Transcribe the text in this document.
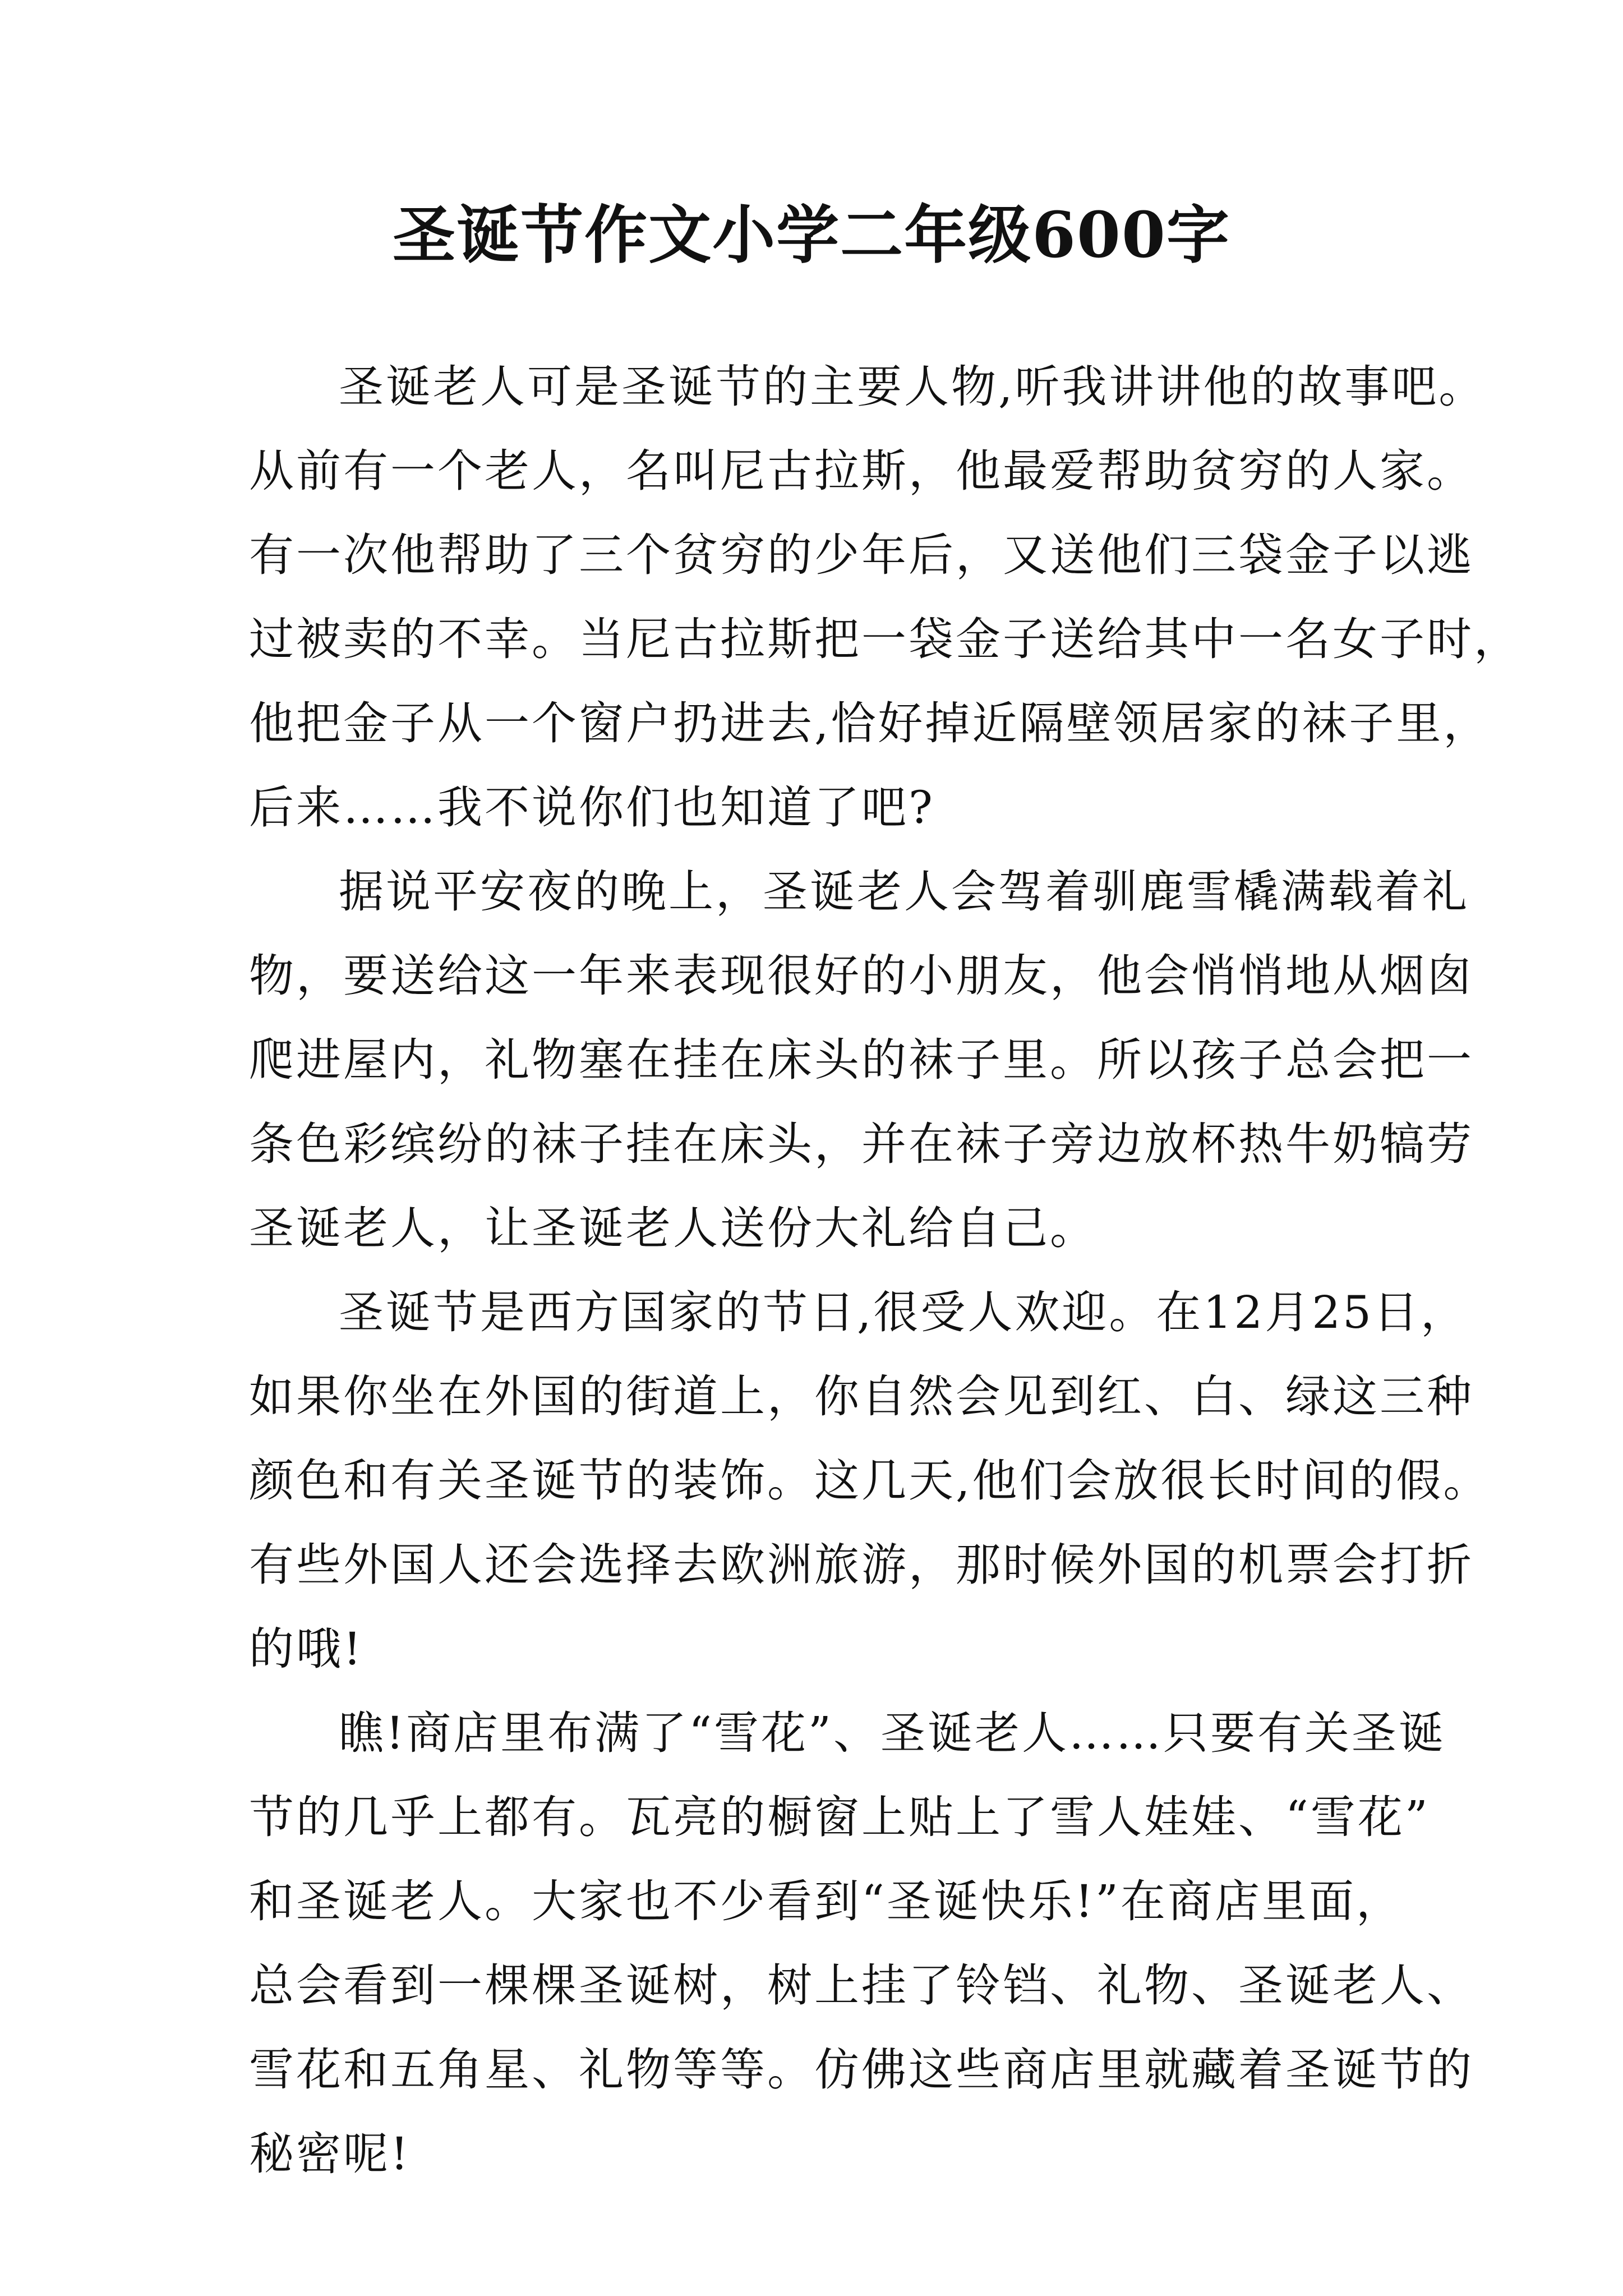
圣诞节作文小学二年级600字
圣诞老人可是圣诞节的主要人物,听我讲讲他的故事吧。
从前有一个老人，名叫尼古拉斯，他最爱帮助贫穷的人家。
有一次他帮助了三个贫穷的少年后，又送他们三袋金子以逃
过被卖的不幸。当尼古拉斯把一袋金子送给其中一名女子时，
他把金子从一个窗户扔进去,恰好掉近隔壁领居家的袜子里，
后来……我不说你们也知道了吧?
据说平安夜的晚上，圣诞老人会驾着驯鹿雪橇满载着礼
物，要送给这一年来表现很好的小朋友，他会悄悄地从烟囱
爬进屋内，礼物塞在挂在床头的袜子里。所以孩子总会把一
条色彩缤纷的袜子挂在床头，并在袜子旁边放杯热牛奶犒劳
圣诞老人，让圣诞老人送份大礼给自己。
圣诞节是西方国家的节日,很受人欢迎。在12月25日，
如果你坐在外国的街道上，你自然会见到红、白、绿这三种
颜色和有关圣诞节的装饰。这几天,他们会放很长时间的假。
有些外国人还会选择去欧洲旅游，那时候外国的机票会打折
的哦!
瞧!商店里布满了“雪花”、圣诞老人……只要有关圣诞
节的几乎上都有。瓦亮的橱窗上贴上了雪人娃娃、“雪花”
和圣诞老人。大家也不少看到“圣诞快乐!”在商店里面，
总会看到一棵棵圣诞树，树上挂了铃铛、礼物、圣诞老人、
雪花和五角星、礼物等等。仿佛这些商店里就藏着圣诞节的
秘密呢!
